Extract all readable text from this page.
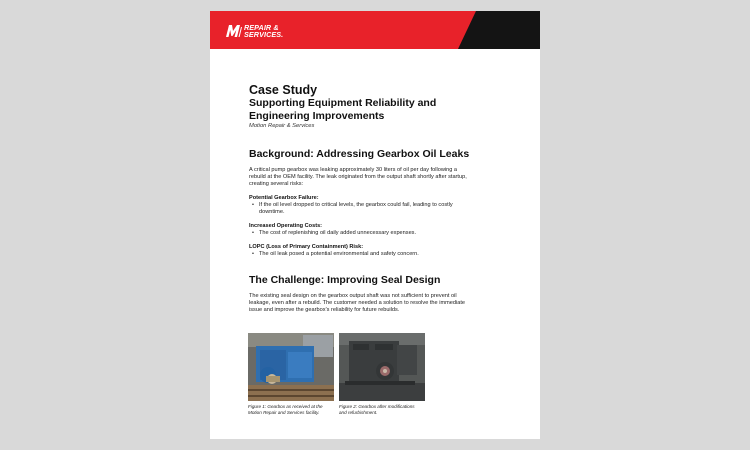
REPAIR &
SERVICES.
Case Study
Supporting Equipment Reliability and
Engineering Improvements
Motion Repair & Services
Background: Addressing Gearbox Oil Leaks

A critical pump gearbox was leaking approximately 30 liters of oil per day following a

rebuild at the OEM facility. The leak originated from the output shaft shortly after startup,

creating several risks:

Potential Gearbox Failure:

• If the oil level dropped to critical levels, the gearbox could fail, leading to costly
downtime.

Increased Operating Costs:

• The cost of replenishing oil daily added unnecessary expenses.

LOPC (Loss of Primary Containment) Risk:

• The oil leak posed a potential environmental and safety concern.
The Challenge: Improving Seal Design

The existing seal design on the gearbox output shaft was not sufficient to prevent oil

leakage, even after a rebuild. The customer needed a solution to resolve the immediate

issue and improve the gearbox’s reliability for future rebuilds.

Figure 1: Gearbox as received at the
Motion Repair and Services facility.
Figure 2: Gearbox after modifications
and refurbishment.
